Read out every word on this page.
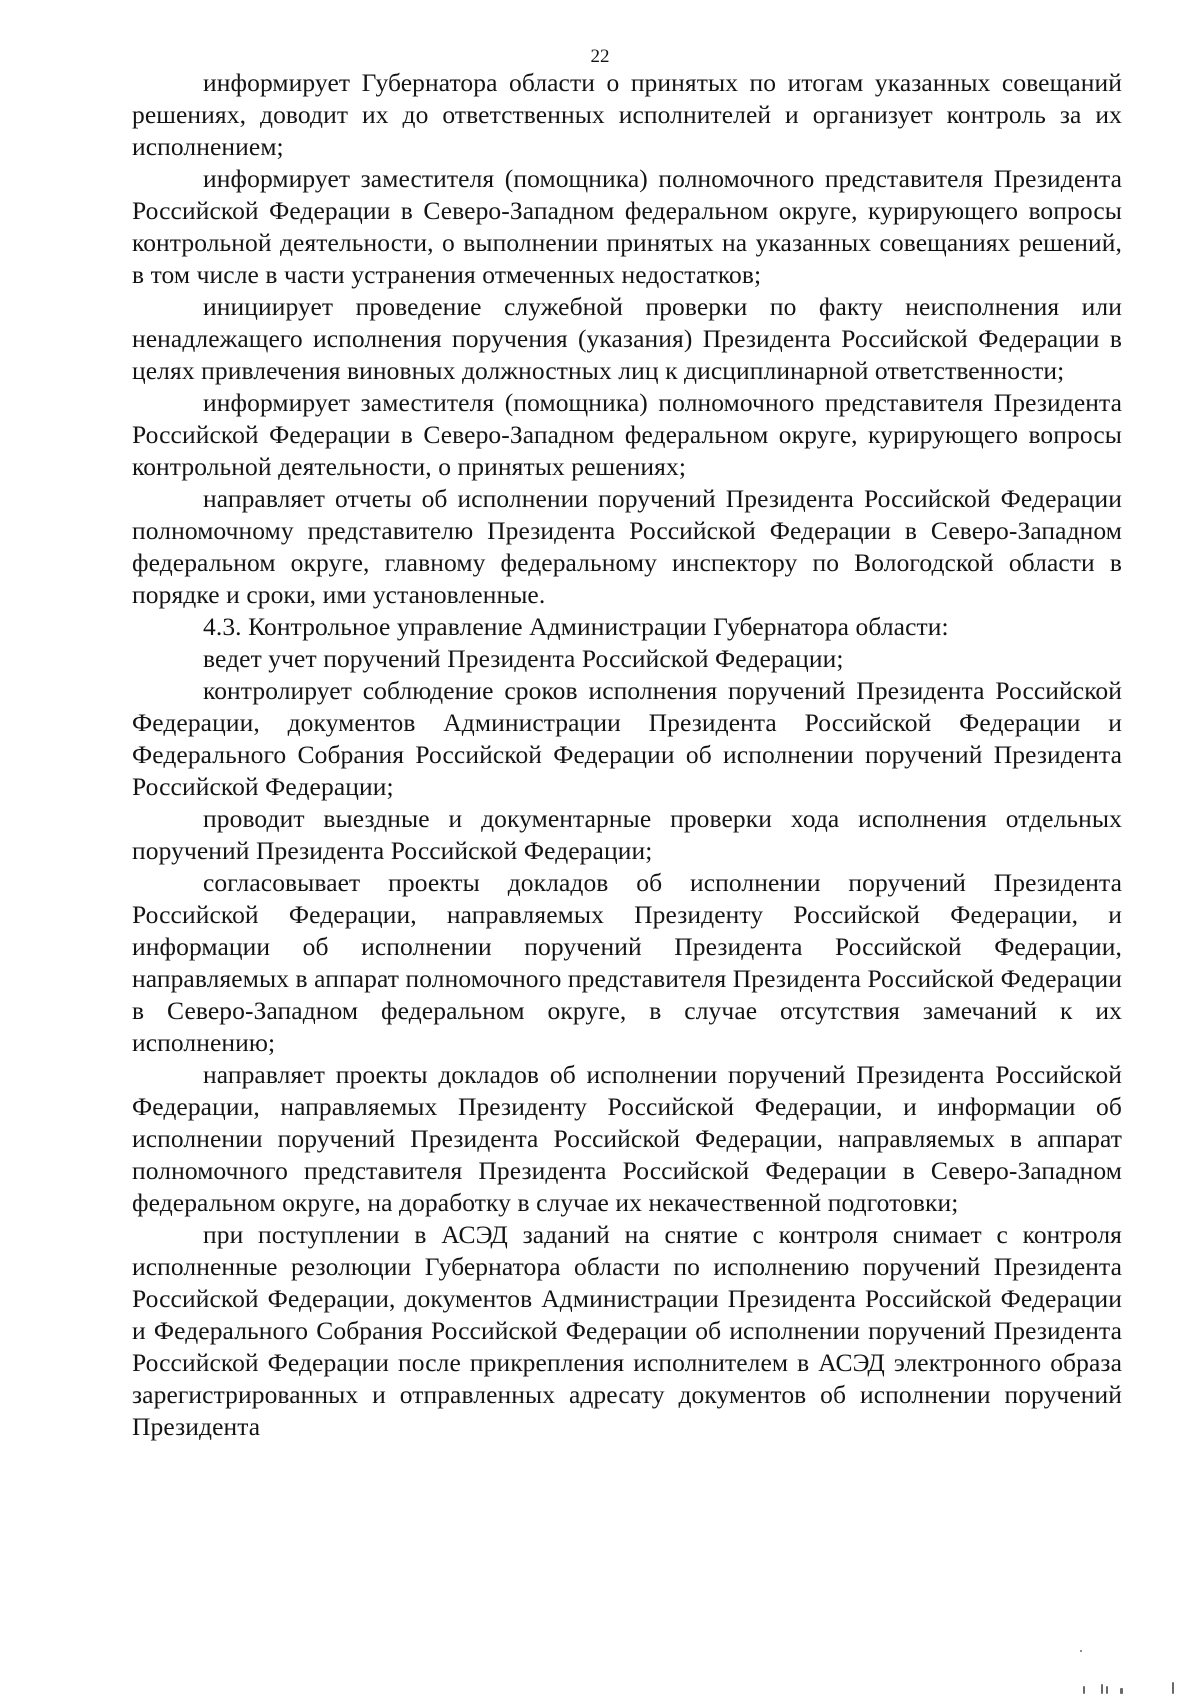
22

информирует Губернатора области о принятых по итогам указанных совещаний решениях, доводит их до ответственных исполнителей и организует контроль за их исполнением;

информирует заместителя (помощника) полномочного представителя Президента Российской Федерации в Северо-Западном федеральном округе, курирующего вопросы контрольной деятельности, о выполнении принятых на указанных совещаниях решений, в том числе в части устранения отмеченных недостатков;

инициирует проведение служебной проверки по факту неисполнения или ненадлежащего исполнения поручения (указания) Президента Российской Федерации в целях привлечения виновных должностных лиц к дисциплинарной ответственности;

информирует заместителя (помощника) полномочного представителя Президента Российской Федерации в Северо-Западном федеральном округе, курирующего вопросы контрольной деятельности, о принятых решениях;

направляет отчеты об исполнении поручений Президента Российской Федерации полномочному представителю Президента Российской Федерации в Северо-Западном федеральном округе, главному федеральному инспектору по Вологодской области в порядке и сроки, ими установленные.

4.3. Контрольное управление Администрации Губернатора области:

ведет учет поручений Президента Российской Федерации;

контролирует соблюдение сроков исполнения поручений Президента Российской Федерации, документов Администрации Президента Российской Федерации и Федерального Собрания Российской Федерации об исполнении поручений Президента Российской Федерации;

проводит выездные и документарные проверки хода исполнения отдельных поручений Президента Российской Федерации;

согласовывает проекты докладов об исполнении поручений Президента Российской Федерации, направляемых Президенту Российской Федерации, и информации об исполнении поручений Президента Российской Федерации, направляемых в аппарат полномочного представителя Президента Российской Федерации в Северо-Западном федеральном округе, в случае отсутствия замечаний к их исполнению;

направляет проекты докладов об исполнении поручений Президента Российской Федерации, направляемых Президенту Российской Федерации, и информации об исполнении поручений Президента Российской Федерации, направляемых в аппарат полномочного представителя Президента Российской Федерации в Северо-Западном федеральном округе, на доработку в случае их некачественной подготовки;

при поступлении в АСЭД заданий на снятие с контроля снимает с контроля исполненные резолюции Губернатора области по исполнению поручений Президента Российской Федерации, документов Администрации Президента Российской Федерации и Федерального Собрания Российской Федерации об исполнении поручений Президента Российской Федерации после прикрепления исполнителем в АСЭД электронного образа зарегистрированных и отправленных адресату документов об исполнении поручений Президента
